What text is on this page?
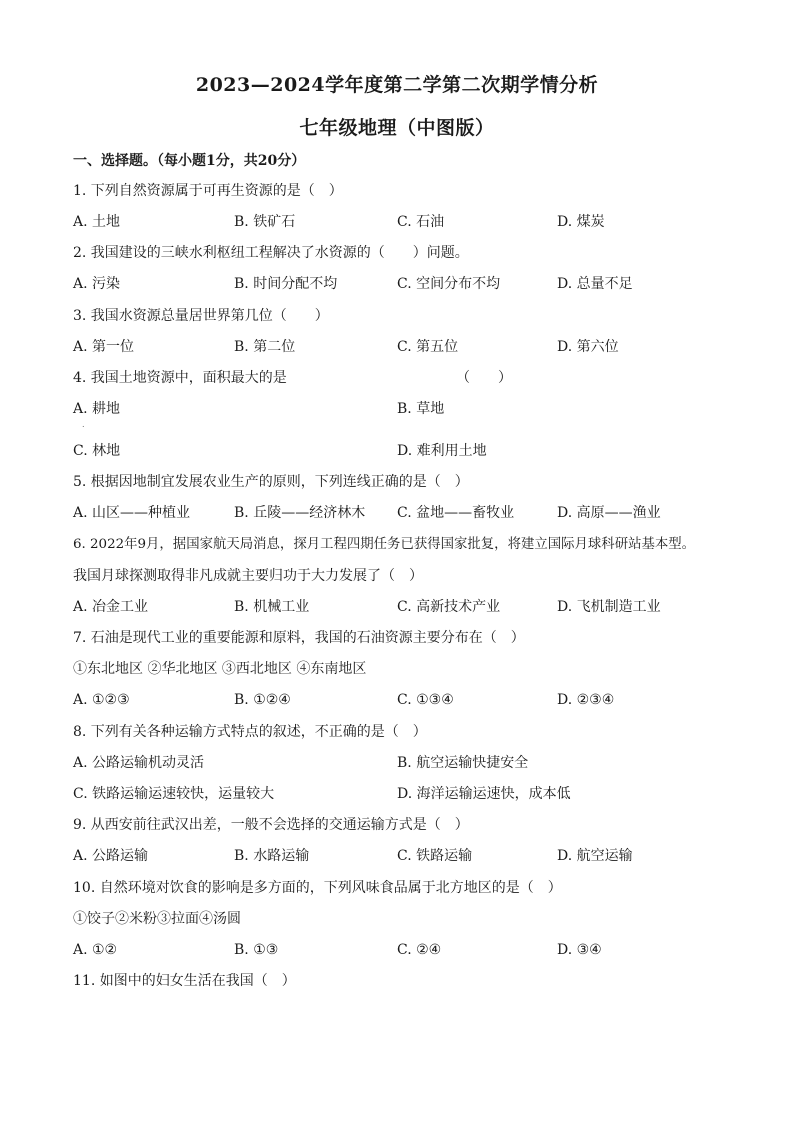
2023—2024学年度第二学第二次期学情分析
七年级地理（中图版）
一、选择题。（每小题1分，共20分）
1. 下列自然资源属于可再生资源的是（　）
A. 土地	B. 铁矿石	C. 石油	D. 煤炭
2. 我国建设的三峡水利枢纽工程解决了水资源的（　　）问题。
A. 污染	B. 时间分配不均	C. 空间分布不均	D. 总量不足
3. 我国水资源总量居世界第几位（　　）
A. 第一位	B. 第二位	C. 第五位	D. 第六位
4. 我国土地资源中，面积最大的是	（　　）
A. 耕地	B. 草地
.
C. 林地	D. 难利用土地
5. 根据因地制宜发展农业生产的原则，下列连线正确的是（　）
A. 山区——种植业	B. 丘陵——经济林木 C. 盆地——畜牧业	D. 高原——渔业
6. 2022年9月，据国家航天局消息，探月工程四期任务已获得国家批复，将建立国际月球科研站基本型。
我国月球探测取得非凡成就主要归功于大力发展了（　）
A. 冶金工业	B. 机械工业	C. 高新技术产业	D. 飞机制造工业
7. 石油是现代工业的重要能源和原料，我国的石油资源主要分布在（　）
①东北地区 ②华北地区 ③西北地区 ④东南地区
A. ①②③	B. ①②④	C. ①③④	D. ②③④
8. 下列有关各种运输方式特点的叙述，不正确的是（　）
A. 公路运输机动灵活	B. 航空运输快捷安全
C. 铁路运输运速较快，运量较大	D. 海洋运输运速快，成本低
9. 从西安前往武汉出差，一般不会选择的交通运输方式是（　）
A. 公路运输	B. 水路运输	C. 铁路运输	D. 航空运输
10. 自然环境对饮食的影响是多方面的，下列风味食品属于北方地区的是（　）
①饺子②米粉③拉面④汤圆
A. ①②	B. ①③	C. ②④	D. ③④
11. 如图中的妇女生活在我国（　）
